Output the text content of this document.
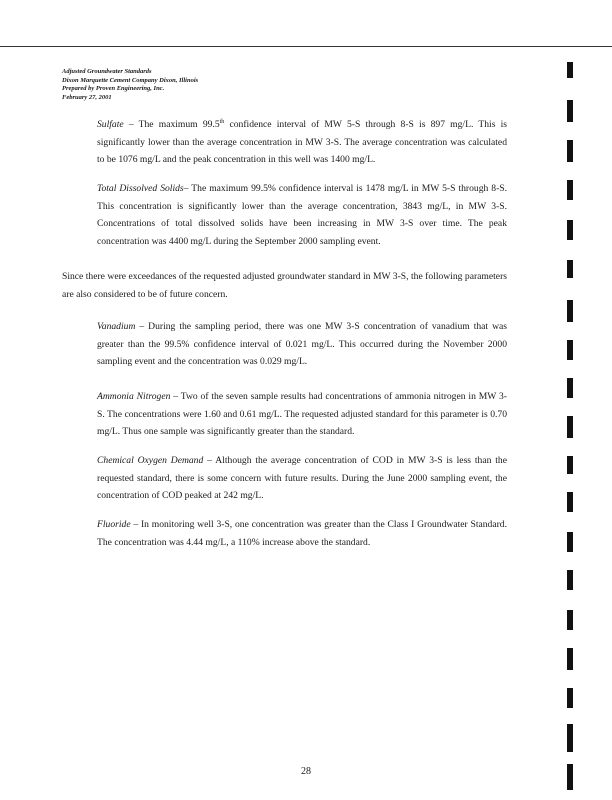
Adjusted Groundwater Standards
Dixon Marquette Cement Company Dixon, Illinois
Prepared by Proven Engineering, Inc.
February 27, 2001

Sulfate – The maximum 99.5th confidence interval of MW 5-S through 8-S is 897 mg/L. This is significantly lower than the average concentration in MW 3-S. The average concentration was calculated to be 1076 mg/L and the peak concentration in this well was 1400 mg/L.

Total Dissolved Solids– The maximum 99.5% confidence interval is 1478 mg/L in MW 5-S through 8-S. This concentration is significantly lower than the average concentration, 3843 mg/L, in MW 3-S. Concentrations of total dissolved solids have been increasing in MW 3-S over time. The peak concentration was 4400 mg/L during the September 2000 sampling event.

Since there were exceedances of the requested adjusted groundwater standard in MW 3-S, the following parameters are also considered to be of future concern.

Vanadium – During the sampling period, there was one MW 3-S concentration of vanadium that was greater than the 99.5% confidence interval of 0.021 mg/L. This occurred during the November 2000 sampling event and the concentration was 0.029 mg/L.

Ammonia Nitrogen – Two of the seven sample results had concentrations of ammonia nitrogen in MW 3-S. The concentrations were 1.60 and 0.61 mg/L. The requested adjusted standard for this parameter is 0.70 mg/L. Thus one sample was significantly greater than the standard.

Chemical Oxygen Demand – Although the average concentration of COD in MW 3-S is less than the requested standard, there is some concern with future results. During the June 2000 sampling event, the concentration of COD peaked at 242 mg/L.

Fluoride – In monitoring well 3-S, one concentration was greater than the Class I Groundwater Standard. The concentration was 4.44 mg/L, a 110% increase above the standard.

28
